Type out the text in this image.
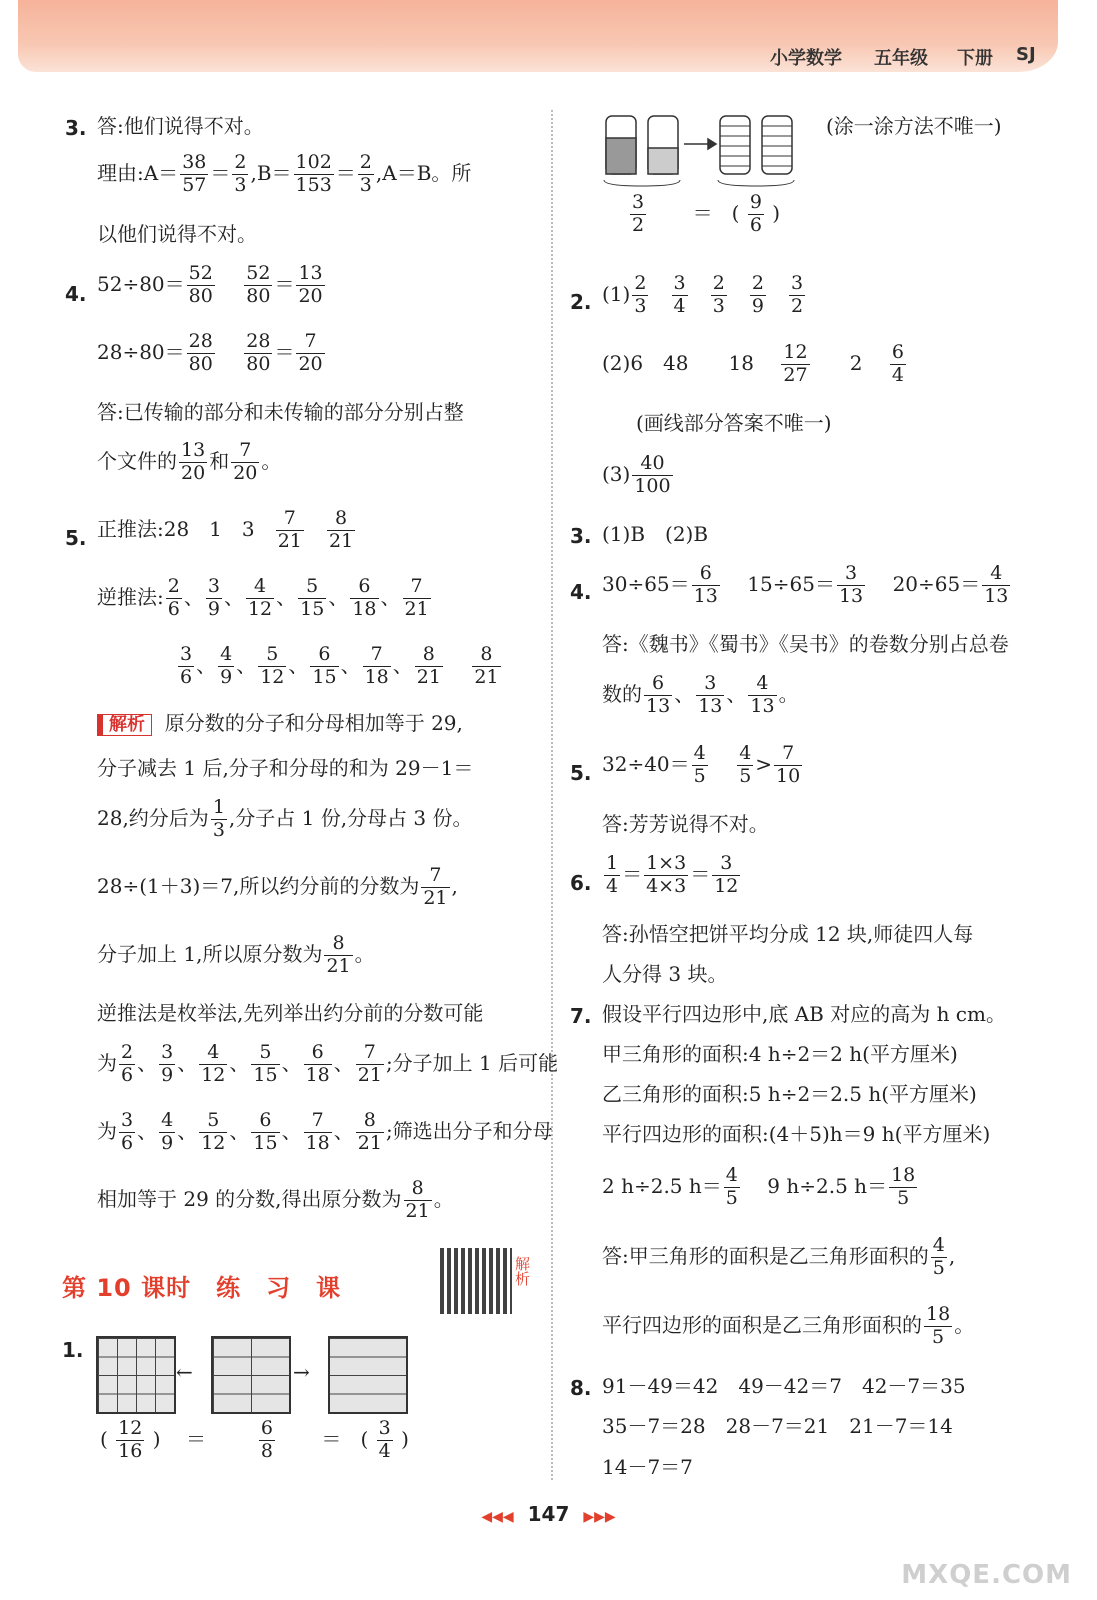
小学数学 五年级 下册 SJ
3. 答:他们说得不对。
理由:A＝ $\frac{38}{57} = \frac{2}{3} ,B= \frac{102}{153} = \frac{2}{3} ,A=B$。所
以他们说得不对。
4. $52\div 80= \frac{52}{80}$
$\frac{52}{80} = \frac{13}{20}$
$28\div 80= \frac{28}{80}$
$\frac{28}{80} = \frac{7}{20}$
答:已传输的部分和未传输的部分分别占整
个文件的 $\frac{13}{20}$ 和 $\frac{7}{20}$ 。
5. 正推法:28　1　$3 \frac{7}{21}$
$\frac{8}{21}$
逆推法: $\frac{2}{6}$ 、 $\frac{3}{9}$ 、 $\frac{4}{12}$ 、 $\frac{5}{15}$ 、 $\frac{6}{18}$ 、 $\frac{7}{21}$
$\frac{3}{6}$ 、 $\frac{4}{9}$ 、 $\frac{5}{12}$ 、 $\frac{6}{15}$ 、 $\frac{7}{18}$ 、 $\frac{8}{21}$
$\frac{8}{21}$
解析 原分数的分子和分母相加等于 29,
分子减去 1 后,分子和分母的和为 29－1＝
28,约分后为 $\frac{1}{3}$ ,分子占 1 份,分母占 3 份。
28÷(1＋3)＝7,所以约分前的分数为 $\frac{7}{21}$ ,
分子加上 1,所以原分数为 $\frac{8}{21}$ 。
逆推法是枚举法,先列举出约分前的分数可能
为 $\frac{2}{6}$ 、 $\frac{3}{9}$ 、 $\frac{4}{12}$ 、 $\frac{5}{15}$ 、 $\frac{6}{18}$ 、 $\frac{7}{21}$ ;分子加上 1 后可能
为 $\frac{3}{6}$ 、 $\frac{4}{9}$ 、 $\frac{5}{12}$ 、 $\frac{6}{15}$ 、 $\frac{7}{18}$ 、 $\frac{8}{21}$ ;筛选出分子和分母
相加等于 29 的分数,得出原分数为 $\frac{8}{21}$ 。
第 10 课时　练　习　课
解析
1.
←	→
( $\frac{12}{16}$ )    ＝	$\frac{6}{8}$ ＝   ( $\frac{3}{4}$ )
(涂一涂方法不唯一)
$\frac{3}{2}$ ＝   ( $\frac{9}{6}$ )
2. $(1) \frac{2}{3}$
$\frac{3}{4}$
$\frac{2}{3}$
$\frac{2}{9}$
$\frac{3}{2}$
(2)6　48　　$18 \frac{12}{27} 2 \frac{6}{4}$
(画线部分答案不唯一)
$(3) \frac{40}{100}$
3. (1)B　(2)B
4. $30\div 65= \frac{6}{13} 15\div 65= \frac{3}{13} 20\div 65= \frac{4}{13}$
答:《魏书》《蜀书》《吴书》的卷数分别占总卷
数的 $\frac{6}{13}$ 、 $\frac{3}{13}$ 、 $\frac{4}{13}$ 。
5. $32\div 40= \frac{4}{5}$
$\frac{4}{5} > \frac{7}{10}$
答:芳芳说得不对。
6. $\frac{1}{4} = \frac{1\times 3}{4\times 3} = \frac{3}{12}$
答:孙悟空把饼平均分成 12 块,师徒四人每
人分得 3 块。
7. 假设平行四边形中,底 AB 对应的高为 h cm。
甲三角形的面积:4 h÷2＝2 h(平方厘米)
乙三角形的面积:5 h÷2＝2.5 h(平方厘米)
平行四边形的面积:(4＋5)h＝9 h(平方厘米)
2 h÷2.5 $h= \frac{4}{5} 9$ h÷2.5 $h= \frac{18}{5}$
答:甲三角形的面积是乙三角形面积的 $\frac{4}{5}$ ,
平行四边形的面积是乙三角形面积的 $\frac{18}{5}$ 。
8. 91－49＝42　49－42＝7　42－7＝35
35－7＝28　28－7＝21　21－7＝14
14－7＝7
◀◀◀ 147 ▶▶▶
MXQE.COM
